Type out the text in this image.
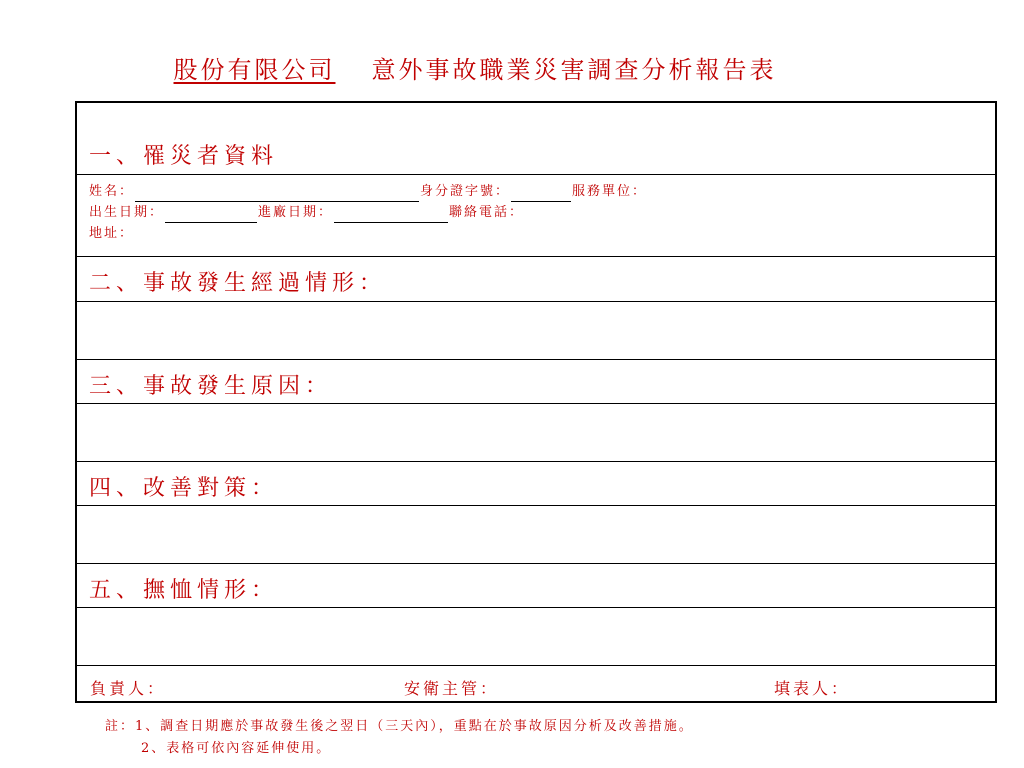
股份有限公司 意外事故職業災害調查分析報告表
一、罹災者資料
姓名：	身分證字號：	服務單位：
出生日期：	進廠日期：	聯絡電話：
地址：
二、事故發生經過情形：
三、事故發生原因：
四、改善對策：
五、撫恤情形：
負責人：	安衛主管：	填表人：
註：1、調查日期應於事故發生後之翌日（三天內），重點在於事故原因分析及改善措施。
2、表格可依內容延伸使用。
